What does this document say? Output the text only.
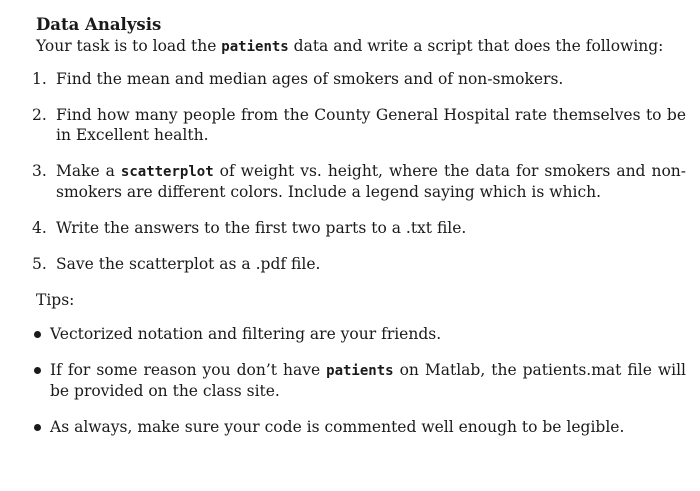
Data Analysis

Your task is to load the patients data and write a script that does the following:

1. Find the mean and median ages of smokers and of non-smokers.
2. Find how many people from the County General Hospital rate themselves to be in Excellent health.
3. Make a scatterplot of weight vs. height, where the data for smokers and non-smokers are different colors. Include a legend saying which is which.
4. Write the answers to the first two parts to a .txt file.
5. Save the scatterplot as a .pdf file.

Tips:

Vectorized notation and filtering are your friends.
If for some reason you don’t have patients on Matlab, the patients.mat file will be provided on the class site.
As always, make sure your code is commented well enough to be legible.
